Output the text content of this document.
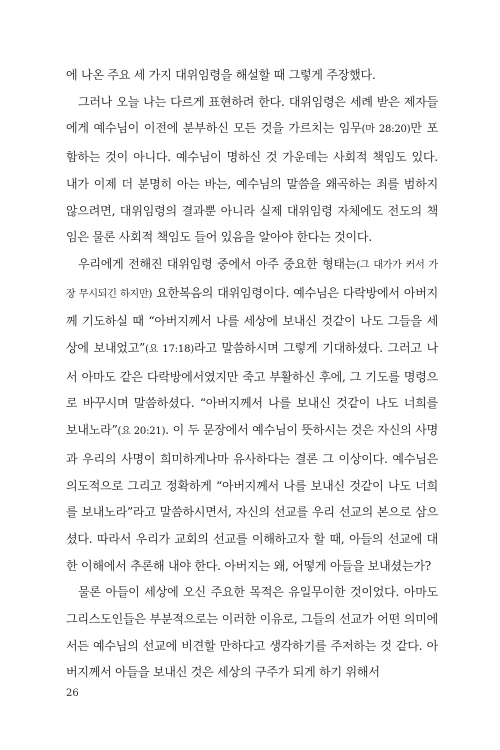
에 나온 주요 세 가지 대위임령을 해설할 때 그렇게 주장했다.

그러나 오늘 나는 다르게 표현하려 한다. 대위임령은 세례 받은 제자들에게 예수님이 이전에 분부하신 모든 것을 가르치는 임무(마 28:20)만 포함하는 것이 아니다. 예수님이 명하신 것 가운데는 사회적 책임도 있다. 내가 이제 더 분명히 아는 바는, 예수님의 말씀을 왜곡하는 죄를 범하지 않으려면, 대위임령의 결과뿐 아니라 실제 대위임령 자체에도 전도의 책임은 물론 사회적 책임도 들어 있음을 알아야 한다는 것이다.

우리에게 전해진 대위임령 중에서 아주 중요한 형태는(그 대가가 커서 가장 무시되긴 하지만) 요한복음의 대위임령이다. 예수님은 다락방에서 아버지께 기도하실 때 “아버지께서 나를 세상에 보내신 것같이 나도 그들을 세상에 보내었고”(요 17:18)라고 말씀하시며 그렇게 기대하셨다. 그러고 나서 아마도 같은 다락방에서였지만 죽고 부활하신 후에, 그 기도를 명령으로 바꾸시며 말씀하셨다. “아버지께서 나를 보내신 것같이 나도 너희를 보내노라”(요 20:21). 이 두 문장에서 예수님이 뜻하시는 것은 자신의 사명과 우리의 사명이 희미하게나마 유사하다는 결론 그 이상이다. 예수님은 의도적으로 그리고 정확하게 “아버지께서 나를 보내신 것같이 나도 너희를 보내노라”라고 말씀하시면서, 자신의 선교를 우리 선교의 본으로 삼으셨다. 따라서 우리가 교회의 선교를 이해하고자 할 때, 아들의 선교에 대한 이해에서 추론해 내야 한다. 아버지는 왜, 어떻게 아들을 보내셨는가?

물론 아들이 세상에 오신 주요한 목적은 유일무이한 것이었다. 아마도 그리스도인들은 부분적으로는 이러한 이유로, 그들의 선교가 어떤 의미에서든 예수님의 선교에 비견할 만하다고 생각하기를 주저하는 것 같다. 아버지께서 아들을 보내신 것은 세상의 구주가 되게 하기 위해서

26
